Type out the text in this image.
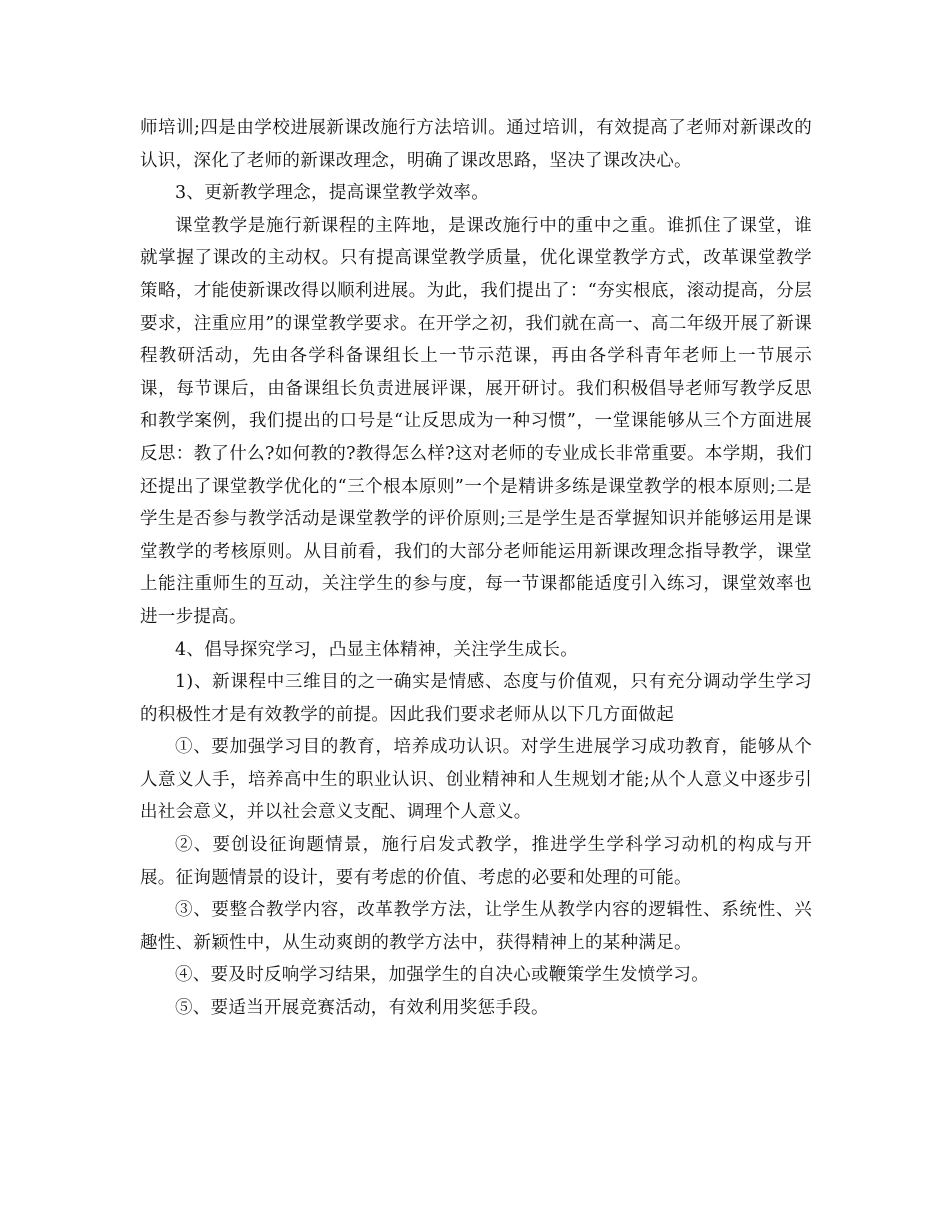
师培训;四是由学校进展新课改施行方法培训。通过培训，有效提高了老师对新课改的认识，深化了老师的新课改理念，明确了课改思路，坚决了课改决心。

3、更新教学理念，提高课堂教学效率。

课堂教学是施行新课程的主阵地，是课改施行中的重中之重。谁抓住了课堂，谁就掌握了课改的主动权。只有提高课堂教学质量，优化课堂教学方式，改革课堂教学策略，才能使新课改得以顺利进展。为此，我们提出了：“夯实根底，滚动提高，分层要求，注重应用”的课堂教学要求。在开学之初，我们就在高一、高二年级开展了新课程教研活动，先由各学科备课组长上一节示范课，再由各学科青年老师上一节展示课，每节课后，由备课组长负责进展评课，展开研讨。我们积极倡导老师写教学反思和教学案例，我们提出的口号是“让反思成为一种习惯”，一堂课能够从三个方面进展反思：教了什么?如何教的?教得怎么样?这对老师的专业成长非常重要。本学期，我们还提出了课堂教学优化的“三个根本原则”一个是精讲多练是课堂教学的根本原则;二是学生是否参与教学活动是课堂教学的评价原则;三是学生是否掌握知识并能够运用是课堂教学的考核原则。从目前看，我们的大部分老师能运用新课改理念指导教学，课堂上能注重师生的互动，关注学生的参与度，每一节课都能适度引入练习，课堂效率也进一步提高。

4、倡导探究学习，凸显主体精神，关注学生成长。

1)、新课程中三维目的之一确实是情感、态度与价值观，只有充分调动学生学习的积极性才是有效教学的前提。因此我们要求老师从以下几方面做起

①、要加强学习目的教育，培养成功认识。对学生进展学习成功教育，能够从个人意义人手，培养高中生的职业认识、创业精神和人生规划才能;从个人意义中逐步引出社会意义，并以社会意义支配、调理个人意义。

②、要创设征询题情景，施行启发式教学，推进学生学科学习动机的构成与开展。征询题情景的设计，要有考虑的价值、考虑的必要和处理的可能。

③、要整合教学内容，改革教学方法，让学生从教学内容的逻辑性、系统性、兴趣性、新颖性中，从生动爽朗的教学方法中，获得精神上的某种满足。

④、要及时反响学习结果，加强学生的自决心或鞭策学生发愤学习。

⑤、要适当开展竞赛活动，有效利用奖惩手段。
